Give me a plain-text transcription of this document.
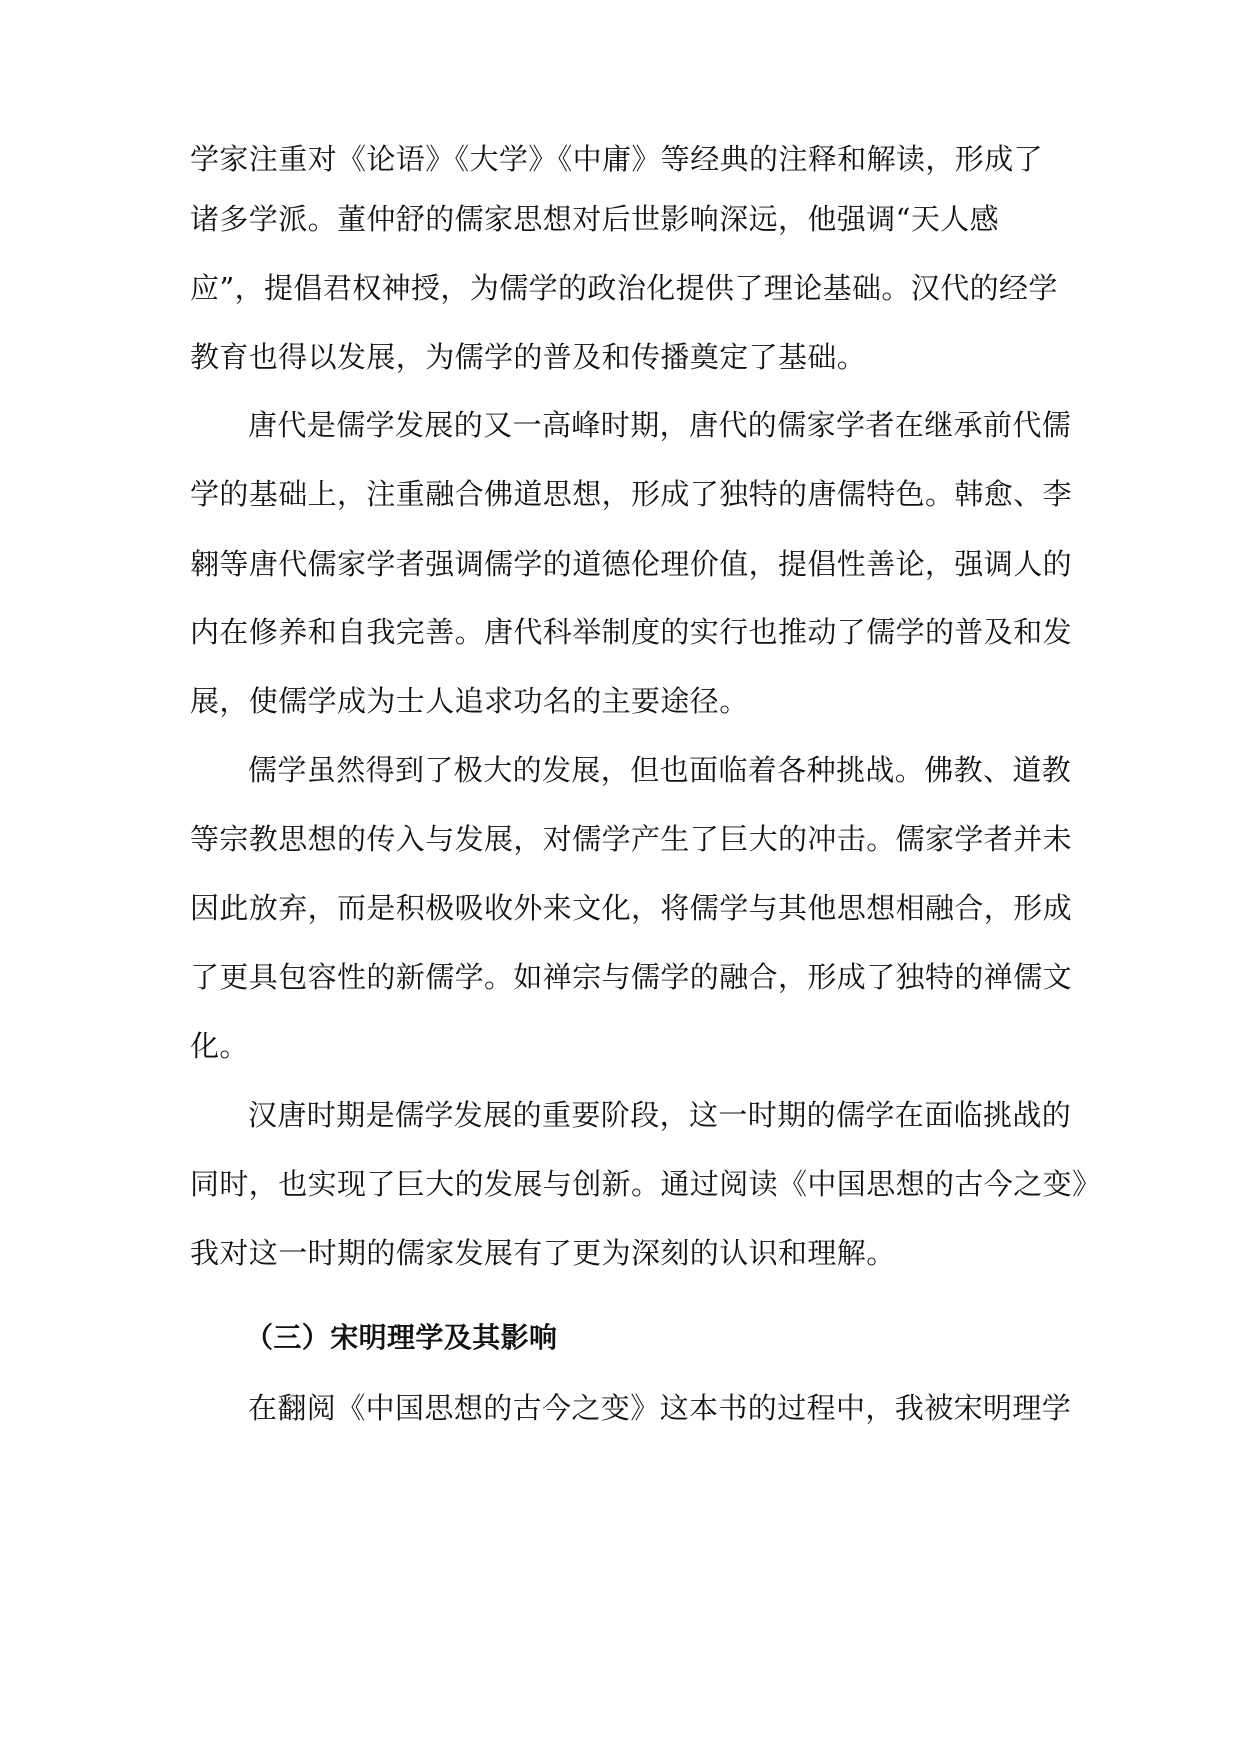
学家注重对《论语》《大学》《中庸》等经典的注释和解读，形成了
诸多学派。董仲舒的儒家思想对后世影响深远，他强调“天人感
应”，提倡君权神授，为儒学的政治化提供了理论基础。汉代的经学
教育也得以发展，为儒学的普及和传播奠定了基础。
唐代是儒学发展的又一高峰时期，唐代的儒家学者在继承前代儒
学的基础上，注重融合佛道思想，形成了独特的唐儒特色。韩愈、李
翱等唐代儒家学者强调儒学的道德伦理价值，提倡性善论，强调人的
内在修养和自我完善。唐代科举制度的实行也推动了儒学的普及和发
展，使儒学成为士人追求功名的主要途径。
儒学虽然得到了极大的发展，但也面临着各种挑战。佛教、道教
等宗教思想的传入与发展，对儒学产生了巨大的冲击。儒家学者并未
因此放弃，而是积极吸收外来文化，将儒学与其他思想相融合，形成
了更具包容性的新儒学。如禅宗与儒学的融合，形成了独特的禅儒文
化。
汉唐时期是儒学发展的重要阶段，这一时期的儒学在面临挑战的
同时，也实现了巨大的发展与创新。通过阅读《中国思想的古今之变》
我对这一时期的儒家发展有了更为深刻的认识和理解。
（三）宋明理学及其影响
在翻阅《中国思想的古今之变》这本书的过程中，我被宋明理学
